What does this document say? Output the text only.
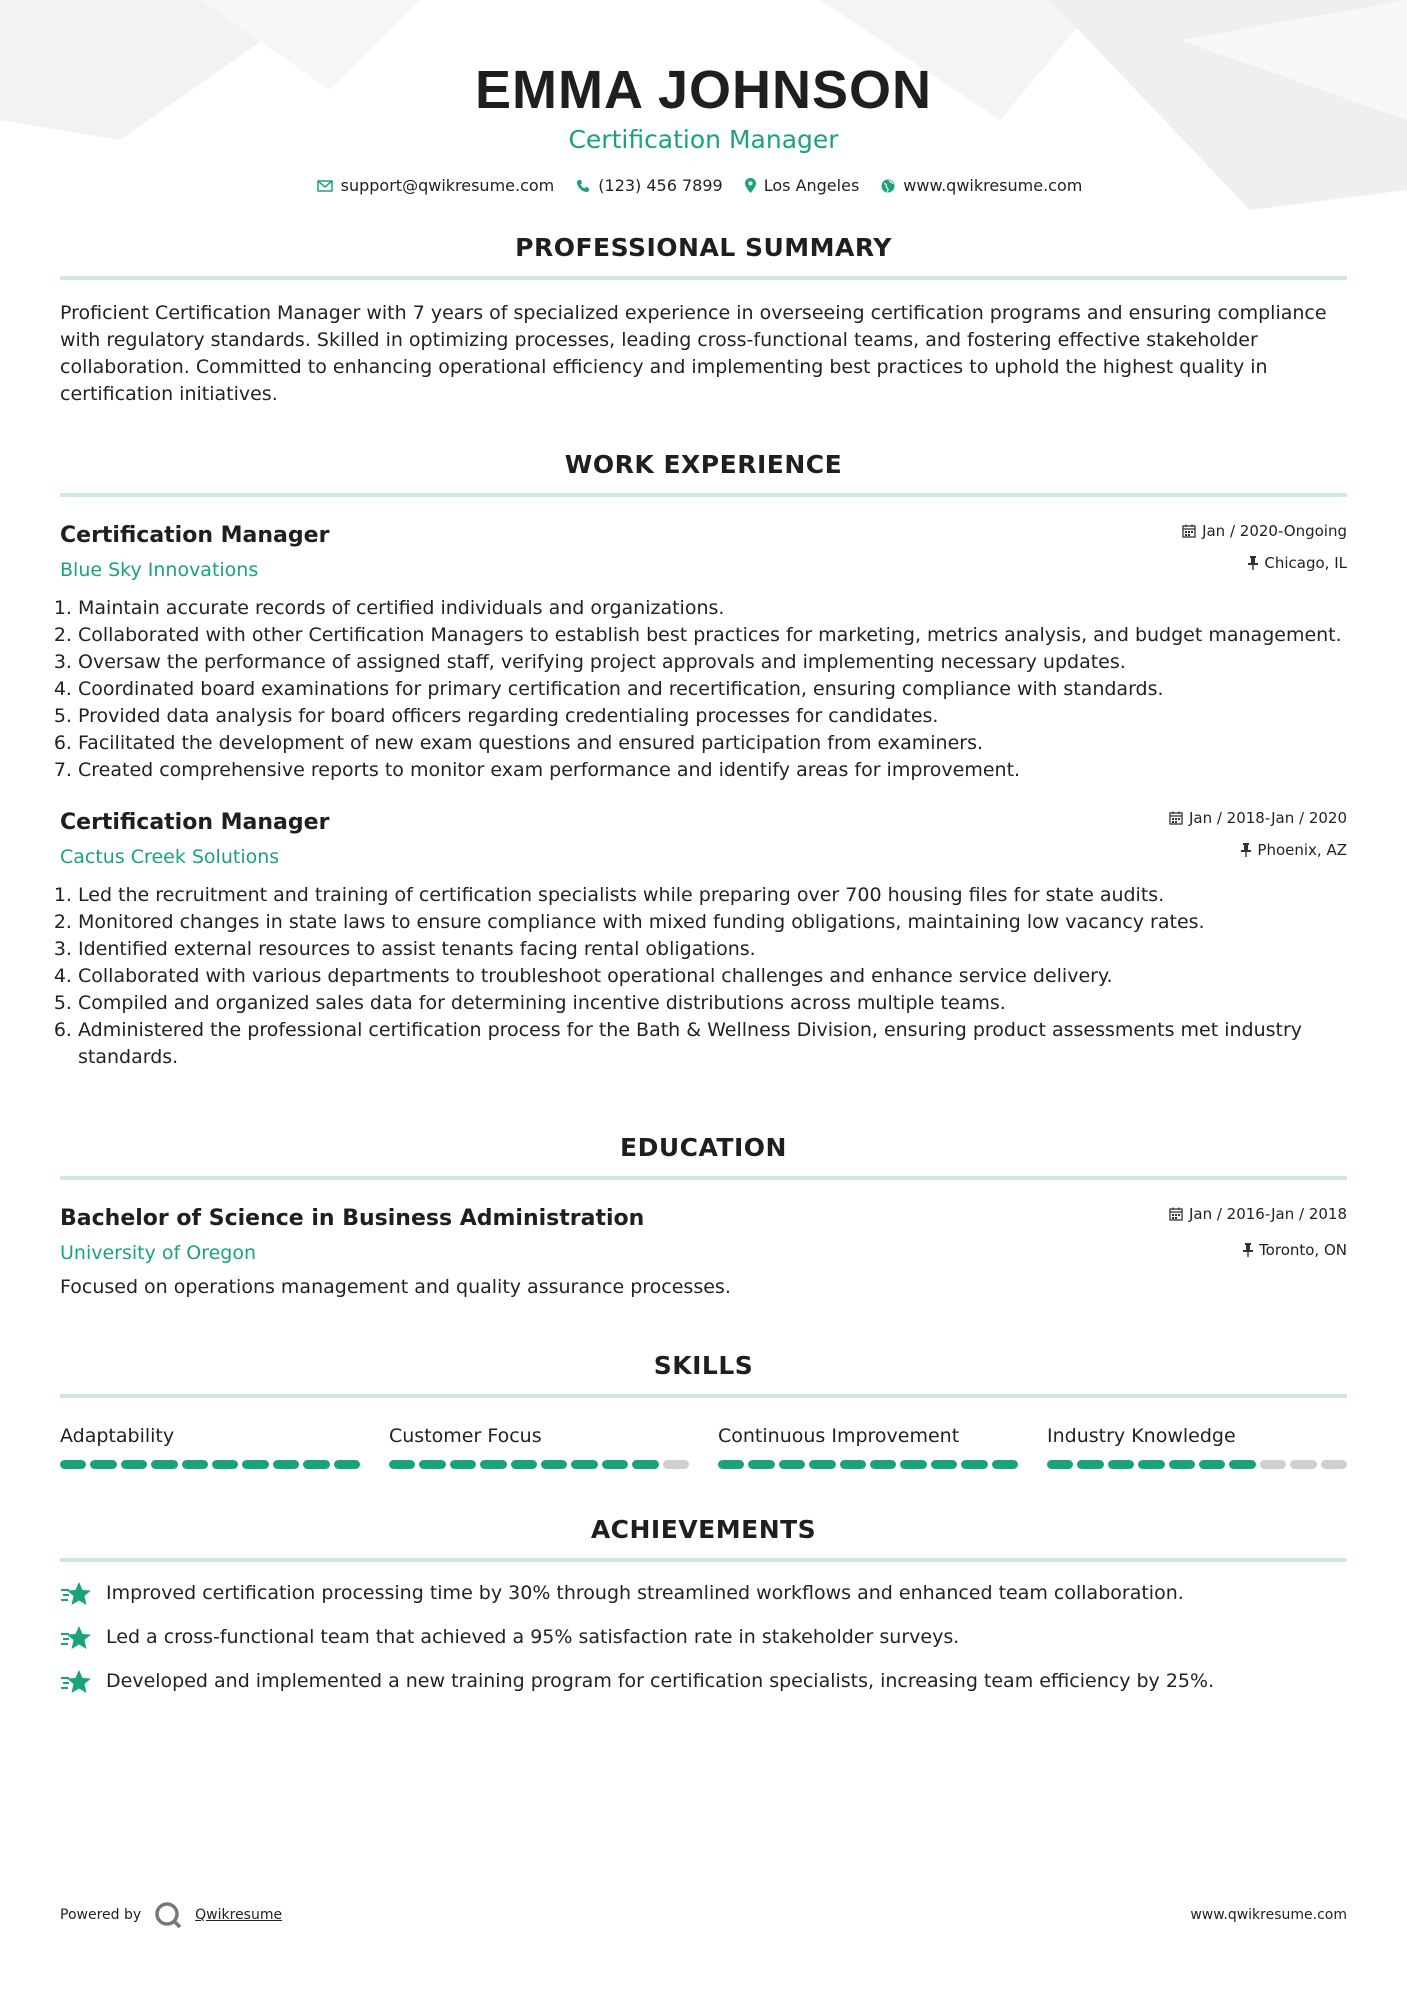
EMMA JOHNSON
Certification Manager
support@qwikresume.com	(123) 456 7899	Los Angeles	www.qwikresume.com
PROFESSIONAL SUMMARY

Proficient Certification Manager with 7 years of specialized experience in overseeing certification programs and ensuring compliance with regulatory standards. Skilled in optimizing processes, leading cross-functional teams, and fostering effective stakeholder collaboration. Committed to enhancing operational efficiency and implementing best practices to uphold the highest quality in certification initiatives.

WORK EXPERIENCE
Certification Manager
Blue Sky Innovations
Jan / 2020-Ongoing
Chicago, IL
1. Maintain accurate records of certified individuals and organizations.
2. Collaborated with other Certification Managers to establish best practices for marketing, metrics analysis, and budget management.
3. Oversaw the performance of assigned staff, verifying project approvals and implementing necessary updates.
4. Coordinated board examinations for primary certification and recertification, ensuring compliance with standards.
5. Provided data analysis for board officers regarding credentialing processes for candidates.
6. Facilitated the development of new exam questions and ensured participation from examiners.
7. Created comprehensive reports to monitor exam performance and identify areas for improvement.
Certification Manager
Cactus Creek Solutions
Jan / 2018-Jan / 2020
Phoenix, AZ
1. Led the recruitment and training of certification specialists while preparing over 700 housing files for state audits.
2. Monitored changes in state laws to ensure compliance with mixed funding obligations, maintaining low vacancy rates.
3. Identified external resources to assist tenants facing rental obligations.
4. Collaborated with various departments to troubleshoot operational challenges and enhance service delivery.
5. Compiled and organized sales data for determining incentive distributions across multiple teams.
6. Administered the professional certification process for the Bath & Wellness Division, ensuring product assessments met industry standards.
EDUCATION
Bachelor of Science in Business Administration
University of Oregon
Jan / 2016-Jan / 2018
Toronto, ON

Focused on operations management and quality assurance processes.

SKILLS
Adaptability	Customer Focus	Continuous Improvement	Industry Knowledge
ACHIEVEMENTS
Improved certification processing time by 30% through streamlined workflows and enhanced team collaboration.
Led a cross-functional team that achieved a 95% satisfaction rate in stakeholder surveys.
Developed and implemented a new training program for certification specialists, increasing team efficiency by 25%.
Powered by	Qwikresume	www.qwikresume.com
